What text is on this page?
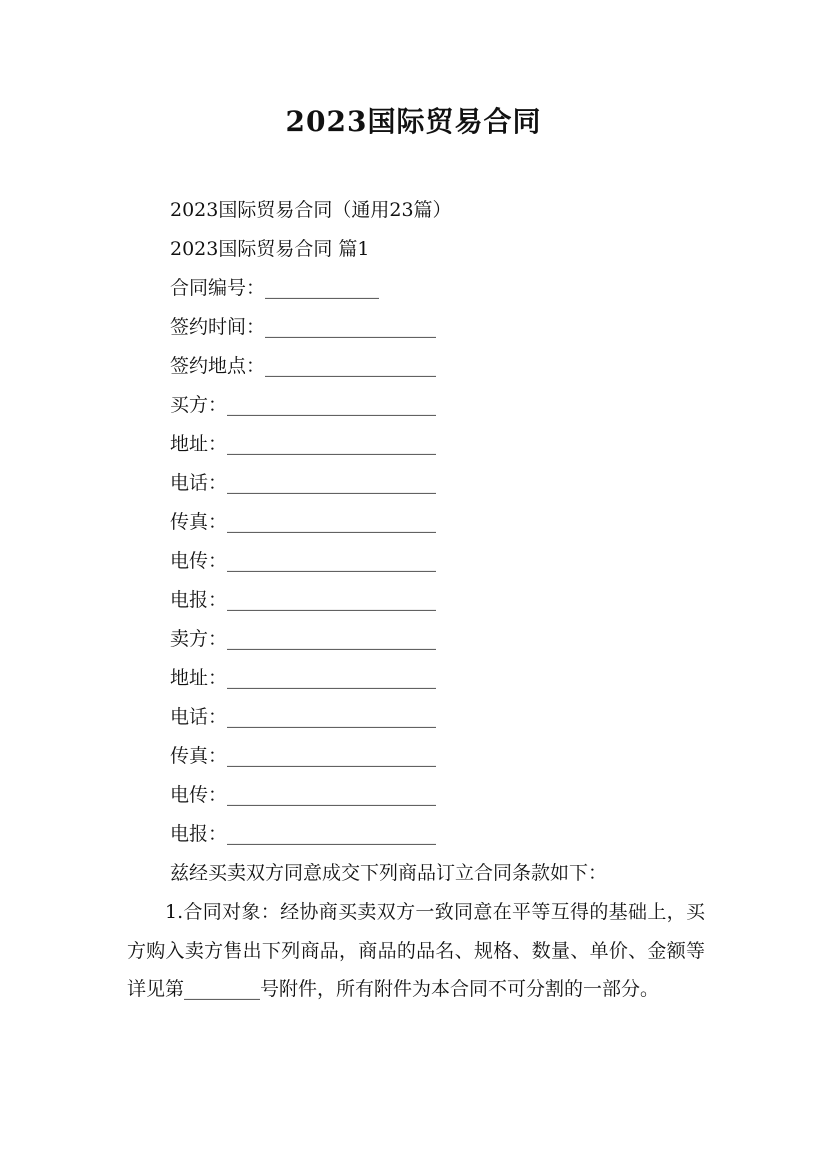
2023国际贸易合同
2023国际贸易合同（通用23篇）
2023国际贸易合同 篇1
合同编号：____________
签约时间：__________________
签约地点：__________________
买方：______________________
地址：______________________
电话：______________________
传真：______________________
电传：______________________
电报：______________________
卖方：______________________
地址：______________________
电话：______________________
传真：______________________
电传：______________________
电报：______________________
兹经买卖双方同意成交下列商品订立合同条款如下：
1.合同对象：经协商买卖双方一致同意在平等互得的基础上，买方购入卖方售出下列商品，商品的品名、规格、数量、单价、金额等详见第________号附件，所有附件为本合同不可分割的一部分。
